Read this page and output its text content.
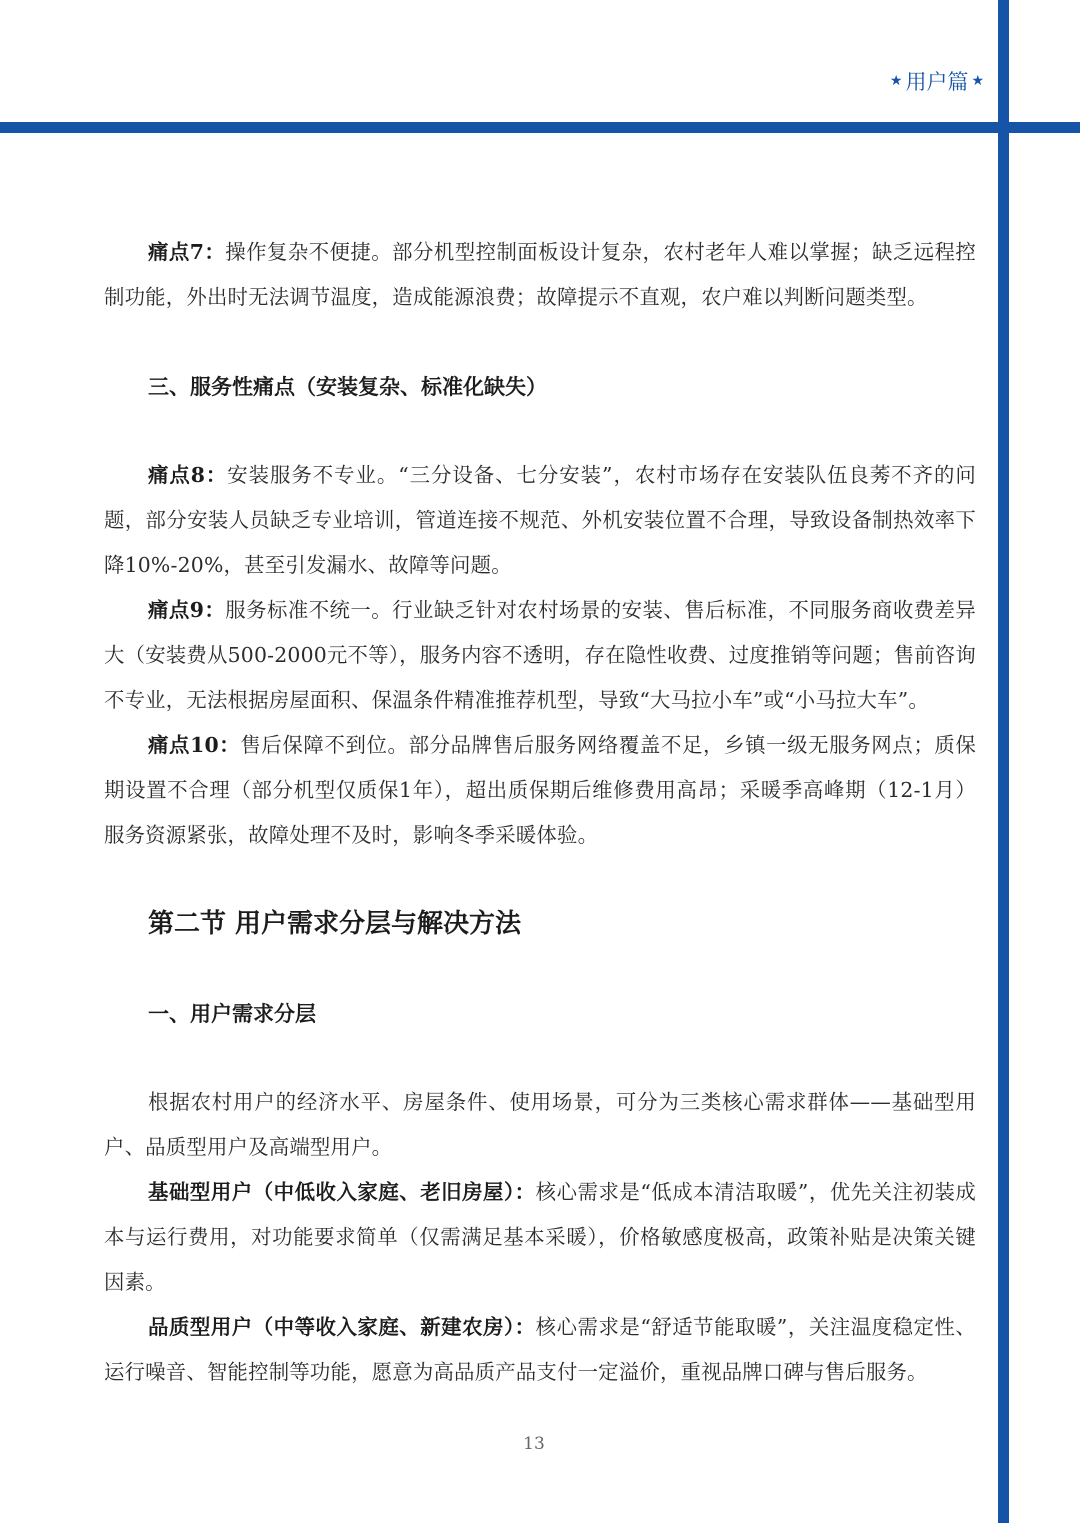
★ 用户篇 ★

痛点7：操作复杂不便捷。部分机型控制面板设计复杂，农村老年人难以掌握；缺乏远程控制功能，外出时无法调节温度，造成能源浪费；故障提示不直观，农户难以判断问题类型。

三、服务性痛点（安装复杂、标准化缺失）

痛点8：安装服务不专业。“三分设备、七分安装”，农村市场存在安装队伍良莠不齐的问题，部分安装人员缺乏专业培训，管道连接不规范、外机安装位置不合理，导致设备制热效率下降10%-20%，甚至引发漏水、故障等问题。

痛点9：服务标准不统一。行业缺乏针对农村场景的安装、售后标准，不同服务商收费差异大（安装费从500-2000元不等），服务内容不透明，存在隐性收费、过度推销等问题；售前咨询不专业，无法根据房屋面积、保温条件精准推荐机型，导致“大马拉小车”或“小马拉大车”。

痛点10：售后保障不到位。部分品牌售后服务网络覆盖不足，乡镇一级无服务网点；质保期设置不合理（部分机型仅质保1年），超出质保期后维修费用高昂；采暖季高峰期（12-1月）服务资源紧张，故障处理不及时，影响冬季采暖体验。

第二节 用户需求分层与解决方法

一、用户需求分层

根据农村用户的经济水平、房屋条件、使用场景，可分为三类核心需求群体——基础型用户、品质型用户及高端型用户。

基础型用户（中低收入家庭、老旧房屋）：核心需求是“低成本清洁取暖”，优先关注初装成本与运行费用，对功能要求简单（仅需满足基本采暖），价格敏感度极高，政策补贴是决策关键因素。

品质型用户（中等收入家庭、新建农房）：核心需求是“舒适节能取暖”，关注温度稳定性、运行噪音、智能控制等功能，愿意为高品质产品支付一定溢价，重视品牌口碑与售后服务。

13
